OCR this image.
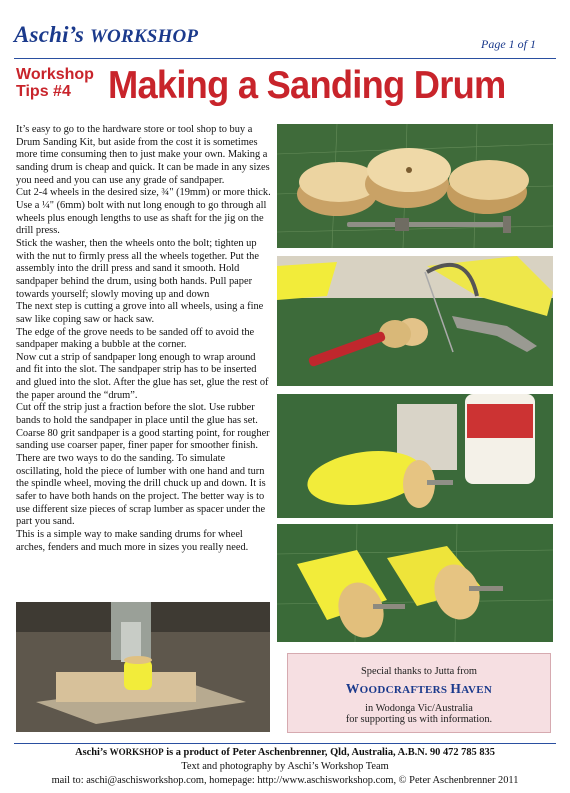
Aschi’s WORKSHOP	Page 1 of 1
Workshop
Tips #4 Making a Sanding Drum

It’s easy to go to the hardware store or tool shop to buy a Drum Sanding Kit, but aside from the cost it is sometimes more time consuming then to just make your own. Making a sanding drum is cheap and quick. It can be made in any sizes you need and you can use any grade of sandpaper.

Cut 2-4 wheels in the desired size, ¾" (19mm) or more thick. Use a ¼" (6mm) bolt with nut long enough to go through all wheels plus enough lengths to use as shaft for the jig on the drill press.

Stick the washer, then the wheels onto the bolt; tighten up with the nut to firmly press all the wheels together. Put the assembly into the drill press and sand it smooth. Hold sandpaper behind the drum, using both hands. Pull paper towards yourself; slowly moving up and down

The next step is cutting a grove into all wheels, using a fine saw like coping saw or hack saw.

The edge of the grove needs to be sanded off to avoid the sandpaper making a bubble at the corner.

Now cut a strip of sandpaper long enough to wrap around and fit into the slot. The sandpaper strip has to be inserted and glued into the slot. After the glue has set, glue the rest of the paper around the “drum”.

Cut off the strip just a fraction before the slot. Use rubber bands to hold the sandpaper in place until the glue has set. Coarse 80 grit sandpaper is a good starting point, for rougher sanding use coarser paper, finer paper for smoother finish.

There are two ways to do the sanding. To simulate oscillating, hold the piece of lumber with one hand and turn the spindle wheel, moving the drill chuck up and down. It is safer to have both hands on the project. The better way is to use different size pieces of scrap lumber as spacer under the part you sand.

This is a simple way to make sanding drums for wheel arches, fenders and much more in sizes you really need.

Special thanks to Jutta from
WOODCRAFTERS HAVEN
in Wodonga Vic/Australia
for supporting us with information.
Aschi’s WORKSHOP is a product of Peter Aschenbrenner, Qld, Australia, A.B.N. 90 472 785 835
Text and photography by Aschi’s Workshop Team
mail to: aschi@aschisworkshop.com, homepage: http://www.aschisworkshop.com, © Peter Aschenbrenner 2011
